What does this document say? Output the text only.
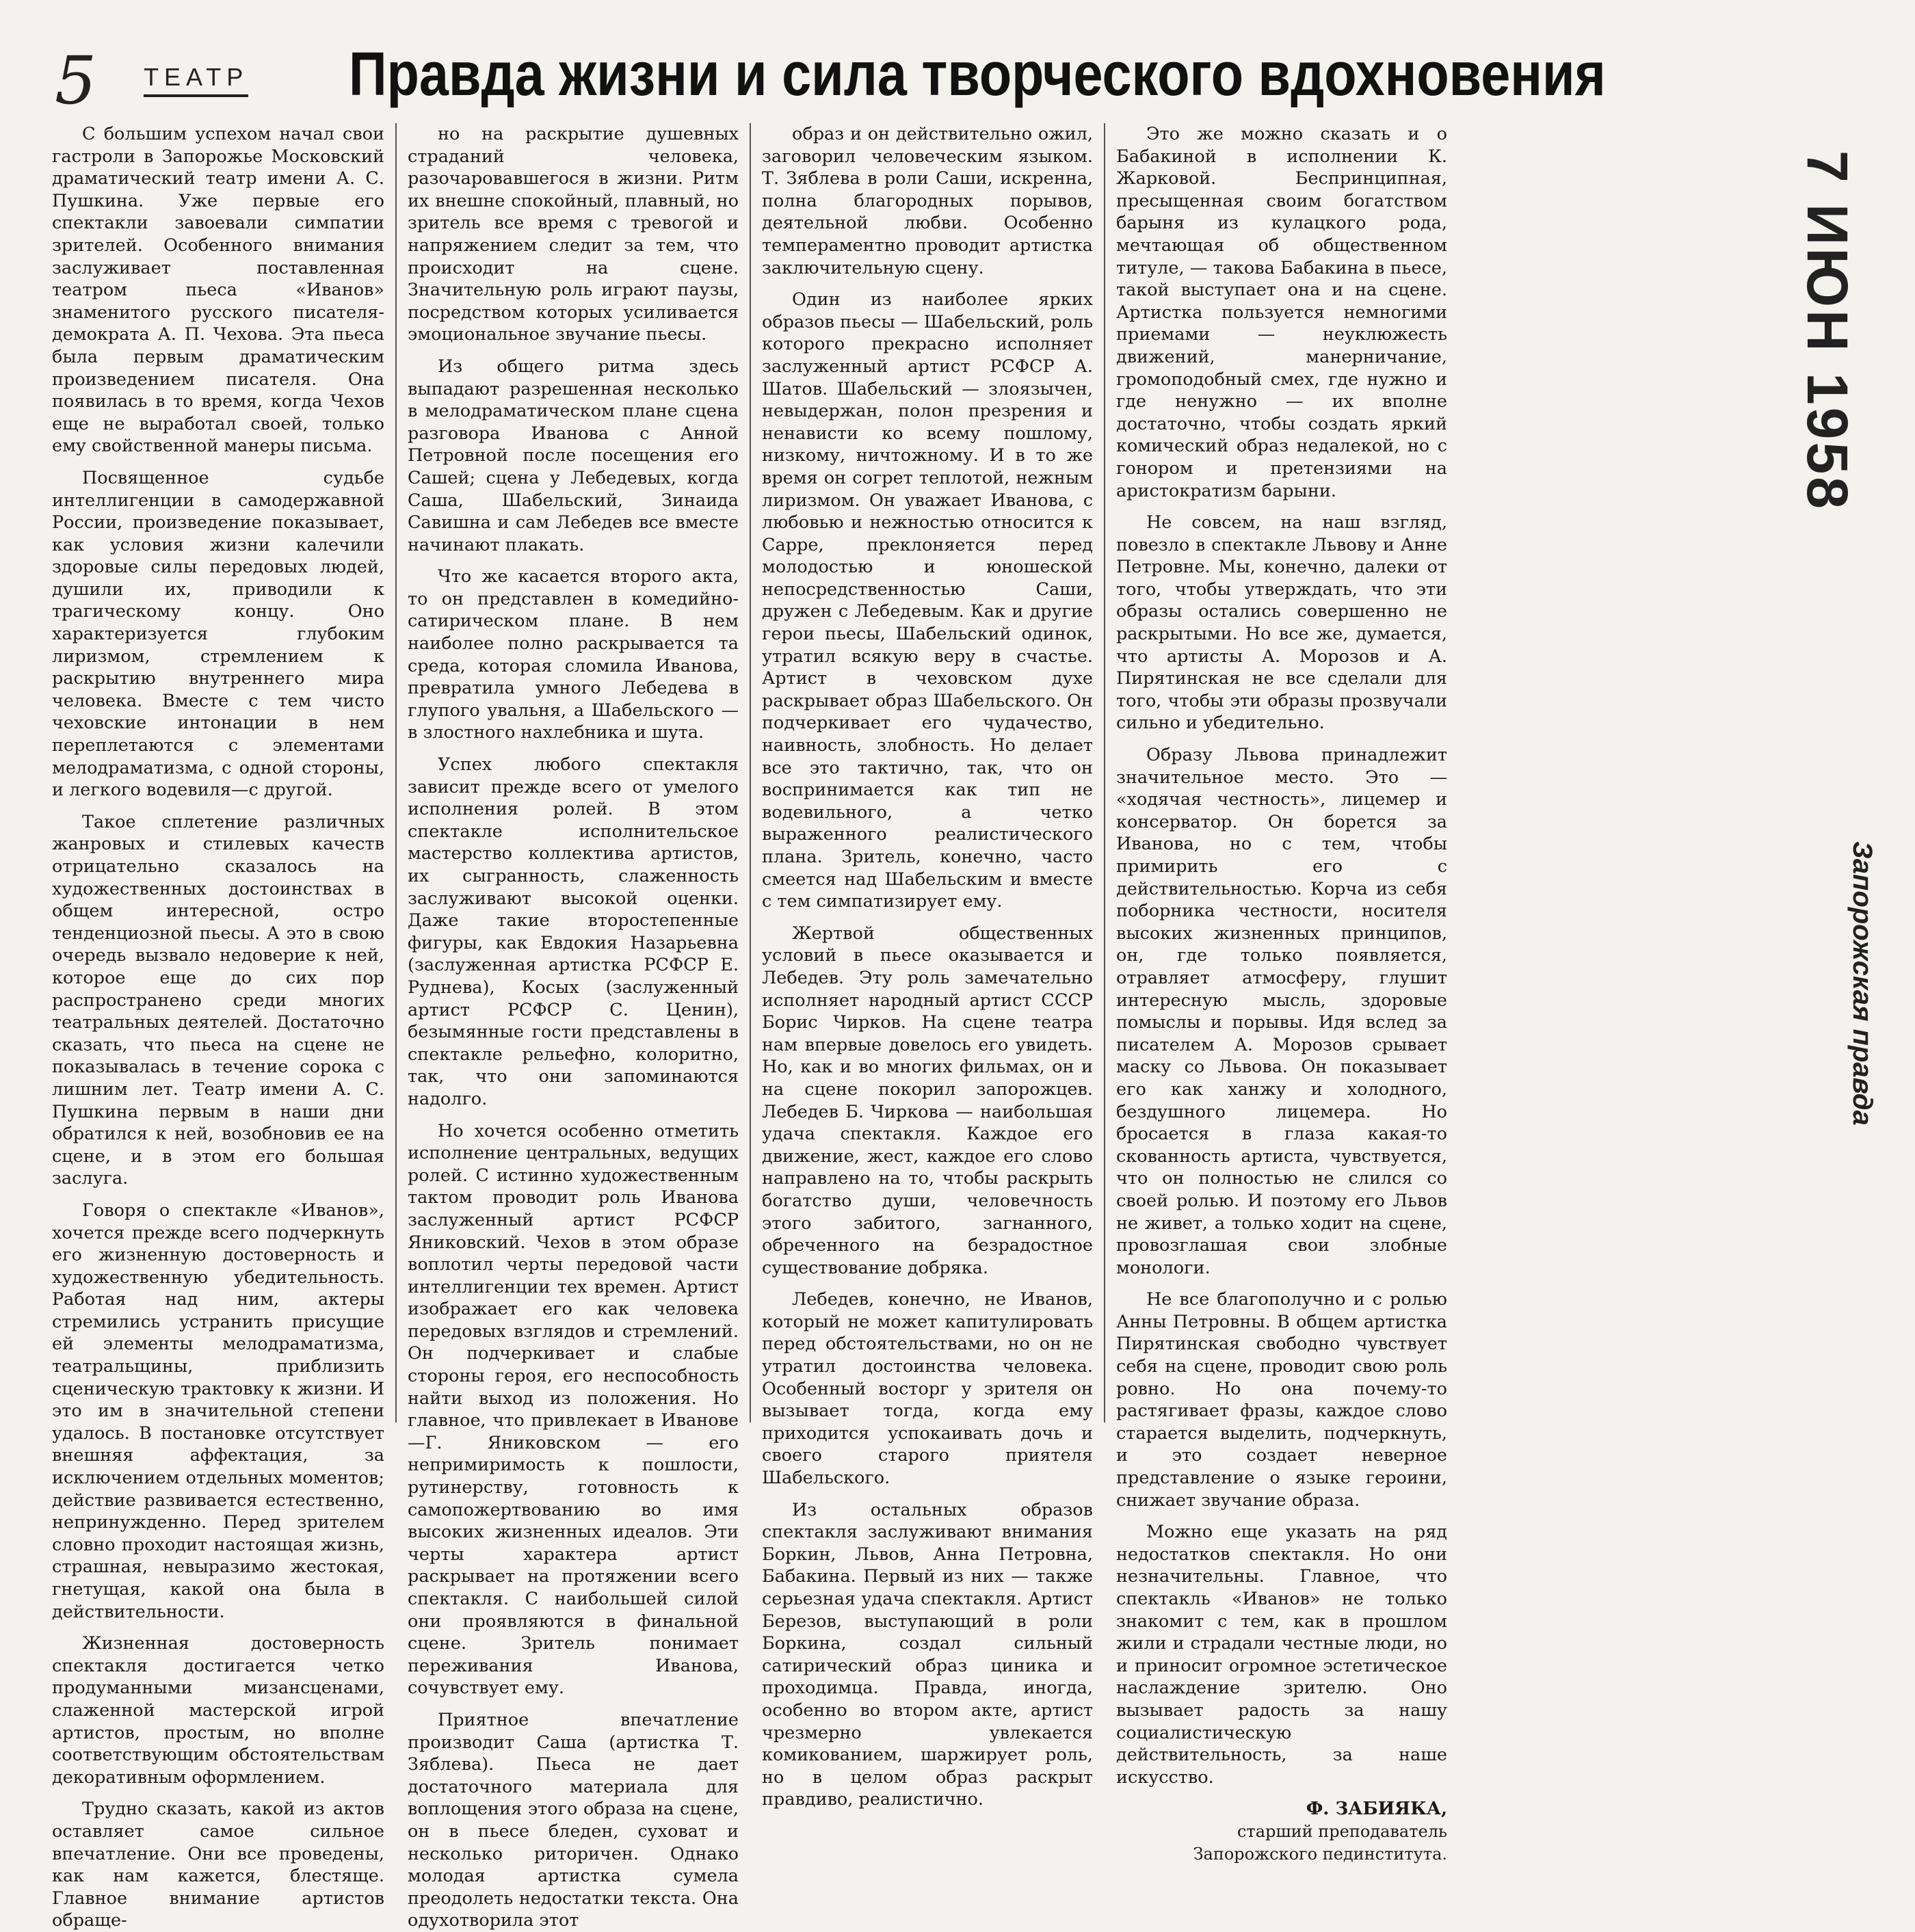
5 ТЕАТР Правда жизни и сила творческого вдохновения

С большим успехом начал свои гастроли в Запорожье Московский драматический театр имени А. С. Пушкина. Уже первые его спектакли завоевали симпатии зрителей. Особенного внимания заслуживает поставленная театром пьеса «Иванов» знаменитого русского писателя-демократа А. П. Чехова. Эта пьеса была первым драматическим произведением писателя. Она появилась в то время, когда Чехов еще не выработал своей, только ему свойственной манеры письма.

Посвященное судьбе интеллигенции в самодержавной России, произведение показывает, как условия жизни калечили здоровые силы передовых людей, душили их, приводили к трагическому концу. Оно характеризуется глубоким лиризмом, стремлением к раскрытию внутреннего мира человека. Вместе с тем чисто чеховские интонации в нем переплетаются с элементами мелодраматизма, с одной стороны, и легкого водевиля—с другой.

Такое сплетение различных жанровых и стилевых качеств отрицательно сказалось на художественных достоинствах в общем интересной, остро тенденциозной пьесы. А это в свою очередь вызвало недоверие к ней, которое еще до сих пор распространено среди многих театральных деятелей. Достаточно сказать, что пьеса на сцене не показывалась в течение сорока с лишним лет. Театр имени А. С. Пушкина первым в наши дни обратился к ней, возобновив ее на сцене, и в этом его большая заслуга.

Говоря о спектакле «Иванов», хочется прежде всего подчеркнуть его жизненную достоверность и художественную убедительность. Работая над ним, актеры стремились устранить присущие ей элементы мелодраматизма, театральщины, приблизить сценическую трактовку к жизни. И это им в значительной степени удалось. В постановке отсутствует внешняя аффектация, за исключением отдельных моментов; действие развивается естественно, непринужденно. Перед зрителем словно проходит настоящая жизнь, страшная, невыразимо жестокая, гнетущая, какой она была в действительности.

Жизненная достоверность спектакля достигается четко продуманными мизансценами, слаженной мастерской игрой артистов, простым, но вполне соответствующим обстоятельствам декоративным оформлением.

Трудно сказать, какой из актов оставляет самое сильное впечатление. Они все проведены, как нам кажется, блестяще. Главное внимание артистов обраще-

но на раскрытие душевных страданий человека, разочаровавшегося в жизни. Ритм их внешне спокойный, плавный, но зритель все время с тревогой и напряжением следит за тем, что происходит на сцене. Значительную роль играют паузы, посредством которых усиливается эмоциональное звучание пьесы.

Из общего ритма здесь выпадают разрешенная несколько в мелодраматическом плане сцена разговора Иванова с Анной Петровной после посещения его Сашей; сцена у Лебедевых, когда Саша, Шабельский, Зинаида Савишна и сам Лебедев все вместе начинают плакать.

Что же касается второго акта, то он представлен в комедийно-сатирическом плане. В нем наиболее полно раскрывается та среда, которая сломила Иванова, превратила умного Лебедева в глупого увальня, а Шабельского — в злостного нахлебника и шута.

Успех любого спектакля зависит прежде всего от умелого исполнения ролей. В этом спектакле исполнительское мастерство коллектива артистов, их сыгранность, слаженность заслуживают высокой оценки. Даже такие второстепенные фигуры, как Евдокия Назарьевна (заслуженная артистка РСФСР Е. Руднева), Косых (заслуженный артист РСФСР С. Ценин), безымянные гости представлены в спектакле рельефно, колоритно, так, что они запоминаются надолго.

Но хочется особенно отметить исполнение центральных, ведущих ролей. С истинно художественным тактом проводит роль Иванова заслуженный артист РСФСР Яниковский. Чехов в этом образе воплотил черты передовой части интеллигенции тех времен. Артист изображает его как человека передовых взглядов и стремлений. Он подчеркивает и слабые стороны героя, его неспособность найти выход из положения. Но главное, что привлекает в Иванове—Г. Яниковском — его непримиримость к пошлости, рутинерству, готовность к самопожертвованию во имя высоких жизненных идеалов. Эти черты характера артист раскрывает на протяжении всего спектакля. С наибольшей силой они проявляются в финальной сцене. Зритель понимает переживания Иванова, сочувствует ему.

Приятное впечатление производит Саша (артистка Т. Зяблева). Пьеса не дает достаточного материала для воплощения этого образа на сцене, он в пьесе бледен, суховат и несколько риторичен. Однако молодая артистка сумела преодолеть недостатки текста. Она одухотворила этот

образ и он действительно ожил, заговорил человеческим языком. Т. Зяблева в роли Саши, искренна, полна благородных порывов, деятельной любви. Особенно темпераментно проводит артистка заключительную сцену.

Один из наиболее ярких образов пьесы — Шабельский, роль которого прекрасно исполняет заслуженный артист РСФСР А. Шатов. Шабельский — злоязычен, невыдержан, полон презрения и ненависти ко всему пошлому, низкому, ничтожному. И в то же время он согрет теплотой, нежным лиризмом. Он уважает Иванова, с любовью и нежностью относится к Сарре, преклоняется перед молодостью и юношеской непосредственностью Саши, дружен с Лебедевым. Как и другие герои пьесы, Шабельский одинок, утратил всякую веру в счастье. Артист в чеховском духе раскрывает образ Шабельского. Он подчеркивает его чудачество, наивность, злобность. Но делает все это тактично, так, что он воспринимается как тип не водевильного, а четко выраженного реалистического плана. Зритель, конечно, часто смеется над Шабельским и вместе с тем симпатизирует ему.

Жертвой общественных условий в пьесе оказывается и Лебедев. Эту роль замечательно исполняет народный артист СССР Борис Чирков. На сцене театра нам впервые довелось его увидеть. Но, как и во многих фильмах, он и на сцене покорил запорожцев. Лебедев Б. Чиркова — наибольшая удача спектакля. Каждое его движение, жест, каждое его слово направлено на то, чтобы раскрыть богатство души, человечность этого забитого, загнанного, обреченного на безрадостное существование добряка.

Лебедев, конечно, не Иванов, который не может капитулировать перед обстоятельствами, но он не утратил достоинства человека. Особенный восторг у зрителя он вызывает тогда, когда ему приходится успокаивать дочь и своего старого приятеля Шабельского.

Из остальных образов спектакля заслуживают внимания Боркин, Львов, Анна Петровна, Бабакина. Первый из них — также серьезная удача спектакля. Артист Березов, выступающий в роли Боркина, создал сильный сатирический образ циника и проходимца. Правда, иногда, особенно во втором акте, артист чрезмерно увлекается комикованием, шаржирует роль, но в целом образ раскрыт правдиво, реалистично.

Это же можно сказать и о Бабакиной в исполнении К. Жарковой. Беспринципная, пресыщенная своим богатством барыня из кулацкого рода, мечтающая об общественном титуле, — такова Бабакина в пьесе, такой выступает она и на сцене. Артистка пользуется немногими приемами — неуклюжесть движений, манерничание, громоподобный смех, где нужно и где ненужно — их вполне достаточно, чтобы создать яркий комический образ недалекой, но с гонором и претензиями на аристократизм барыни.

Не совсем, на наш взгляд, повезло в спектакле Львову и Анне Петровне. Мы, конечно, далеки от того, чтобы утверждать, что эти образы остались совершенно не раскрытыми. Но все же, думается, что артисты А. Морозов и А. Пирятинская не все сделали для того, чтобы эти образы прозвучали сильно и убедительно.

Образу Львова принадлежит значительное место. Это — «ходячая честность», лицемер и консерватор. Он борется за Иванова, но с тем, чтобы примирить его с действительностью. Корча из себя поборника честности, носителя высоких жизненных принципов, он, где только появляется, отравляет атмосферу, глушит интересную мысль, здоровые помыслы и порывы. Идя вслед за писателем А. Морозов срывает маску со Львова. Он показывает его как ханжу и холодного, бездушного лицемера. Но бросается в глаза какая-то скованность артиста, чувствуется, что он полностью не слился со своей ролью. И поэтому его Львов не живет, а только ходит на сцене, провозглашая свои злобные монологи.

Не все благополучно и с ролью Анны Петровны. В общем артистка Пирятинская свободно чувствует себя на сцене, проводит свою роль ровно. Но она почему-то растягивает фразы, каждое слово старается выделить, подчеркнуть, и это создает неверное представление о языке героини, снижает звучание образа.

Можно еще указать на ряд недостатков спектакля. Но они незначительны. Главное, что спектакль «Иванов» не только знакомит с тем, как в прошлом жили и страдали честные люди, но и приносит огромное эстетическое наслаждение зрителю. Оно вызывает радость за нашу социалистическую действительность, за наше искусство.

Ф. ЗАБИЯКА,
старший преподаватель Запорожского пединститута.
7 ИЮН 1958
Запорожская правда
